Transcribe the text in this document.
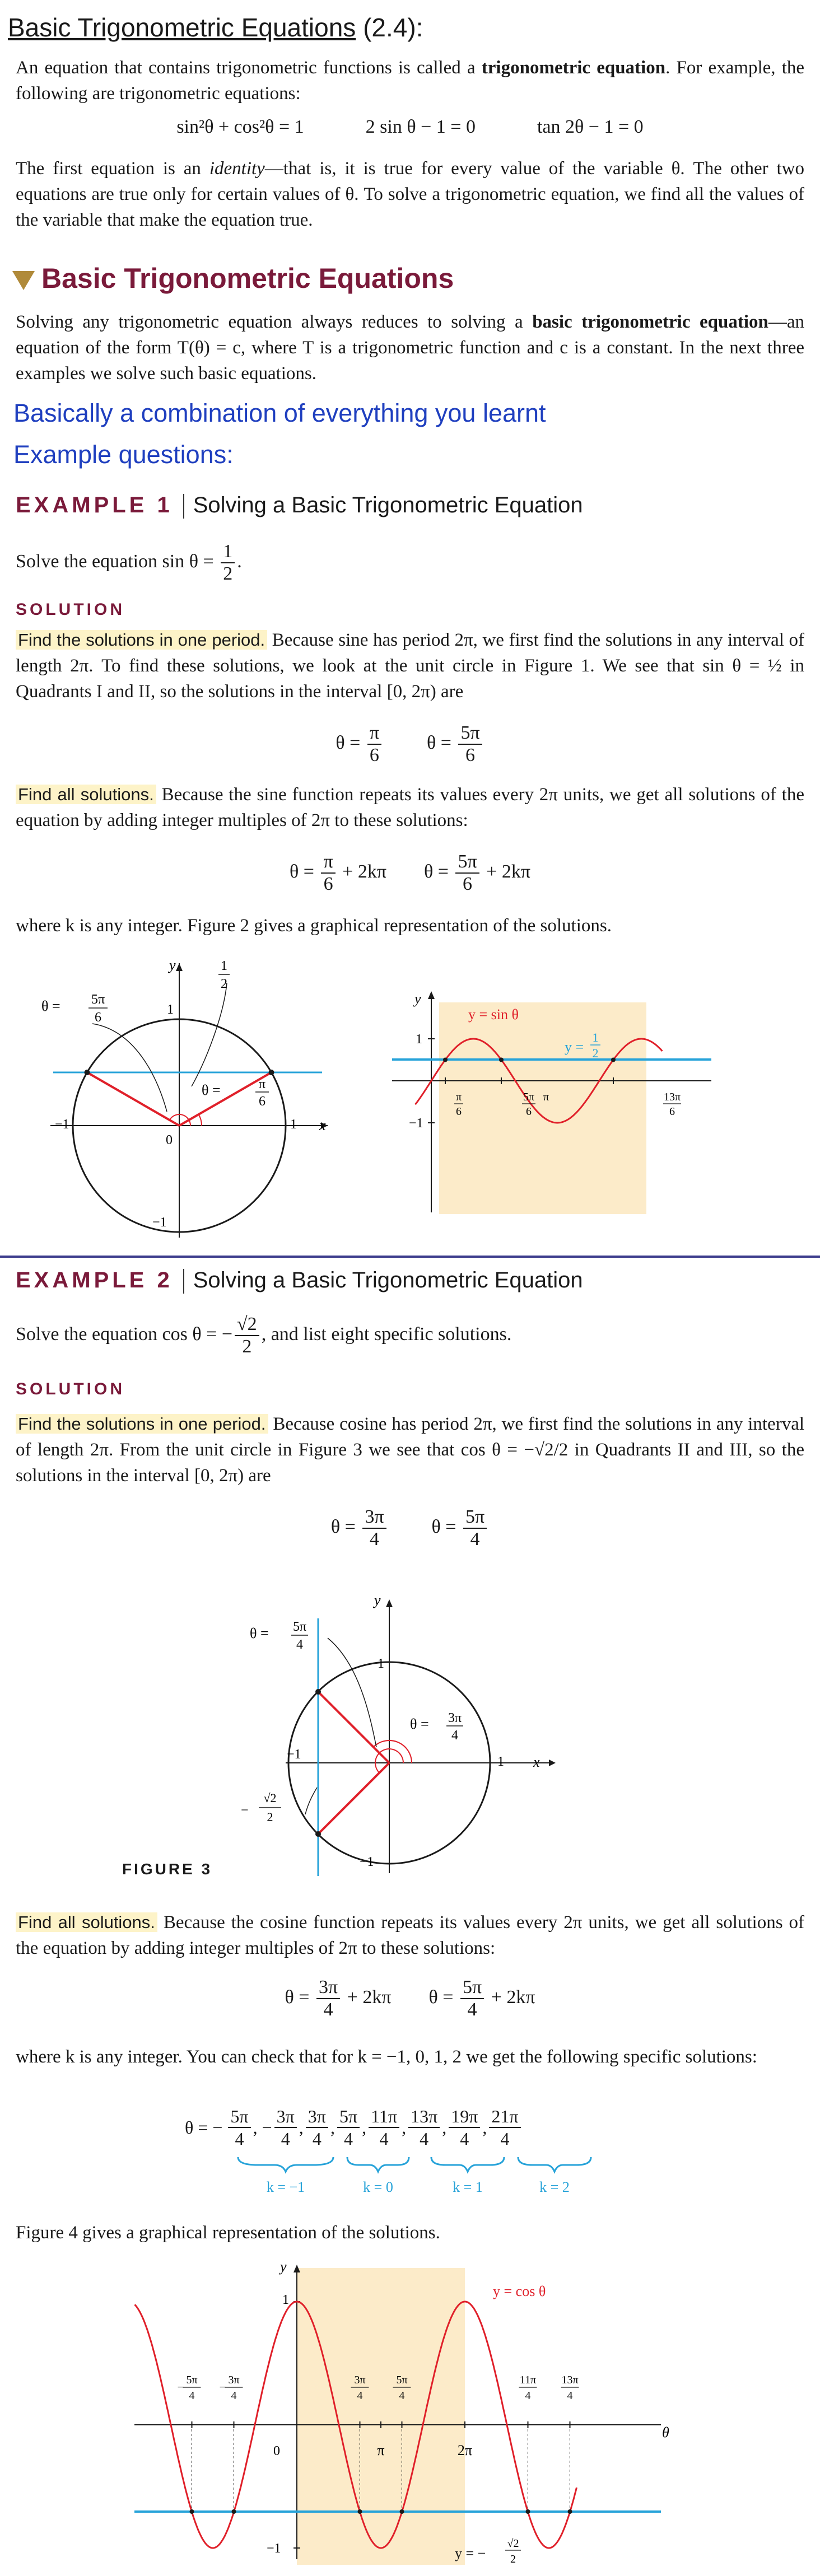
Basic Trigonometric Equations (2.4):
An equation that contains trigonometric functions is called a trigonometric equation. For example, the following are trigonometric equations:
sin²θ + cos²θ = 1	2 sin θ − 1 = 0	tan 2θ − 1 = 0
The first equation is an identity—that is, it is true for every value of the variable θ. The other two equations are true only for certain values of θ. To solve a trigonometric equation, we find all the values of the variable that make the equation true.
Basic Trigonometric Equations
Solving any trigonometric equation always reduces to solving a basic trigonometric equation—an equation of the form T(θ) = c, where T is a trigonometric function and c is a constant. In the next three examples we solve such basic equations.
Basically a combination of everything you learnt
Example questions:
EXAMPLE 1 Solving a Basic Trigonometric Equation
Solve the equation $\sin \theta = \frac{1}{2}$ .
SOLUTION
Find the solutions in one period. Because sine has period 2π, we first find the solutions in any interval of length 2π. To find these solutions, we look at the unit circle in Figure 1. We see that sin θ = ½ in Quadrants I and II, so the solutions in the interval [0, 2π) are
$\theta = \frac{\pi}{6}$ $\theta = \frac{5\pi}{6}$
Find all solutions. Because the sine function repeats its values every 2π units, we get all solutions of the equation by adding integer multiples of 2π to these solutions:
$\theta = \frac{\pi}{6} + 2k\pi$ $\theta = \frac{5\pi}{6} + 2k\pi$
where k is any integer. Figure 2 gives a graphical representation of the solutions.
θ = 5π
6
θ =	π
6
1
2
y
1
1 x
−1
0
−1
y
1
−1
y = sin θ
y =
1
2
π
6
5π
6
π	13π
6
EXAMPLE 2 Solving a Basic Trigonometric Equation
Solve the equation cos θ = − $\frac{√2}{2}$ , and list eight specific solutions.
SOLUTION
Find the solutions in one period. Because cosine has period 2π, we first find the solutions in any interval of length 2π. From the unit circle in Figure 3 we see that cos θ = −√2/2 in Quadrants II and III, so the solutions in the interval [0, 2π) are
$\theta = \frac{3\pi}{4}$ $\theta = \frac{5\pi}{4}$
θ = 5π
4
θ = 3π
4
y
1
1 x
−1
−1
−
√2
2
FIGURE 3
Find all solutions. Because the cosine function repeats its values every 2π units, we get all solutions of the equation by adding integer multiples of 2π to these solutions:
$\theta = \frac{3\pi}{4} + 2k\pi$ $\theta = \frac{5\pi}{4} + 2k\pi$
where k is any integer. You can check that for k = −1, 0, 1, 2 we get the following specific solutions:
θ = − $\frac{5\pi}{4}$ , − $\frac{3\pi}{4}$ , $\frac{3\pi}{4}$ , $\frac{5\pi}{4}$ , $\frac{11\pi}{4}$ , $\frac{13\pi}{4}$ , $\frac{19\pi}{4}$ , $\frac{21\pi}{4}$
k = −1	k = 0	k = 1	k = 2
Figure 4 gives a graphical representation of the solutions.
y
1
0
−1
π	2π
θ
y = cos θ
y = −
√2
2
− 5π
4
− 3π
4
3π
4
5π
4
11π
4
13π
4
